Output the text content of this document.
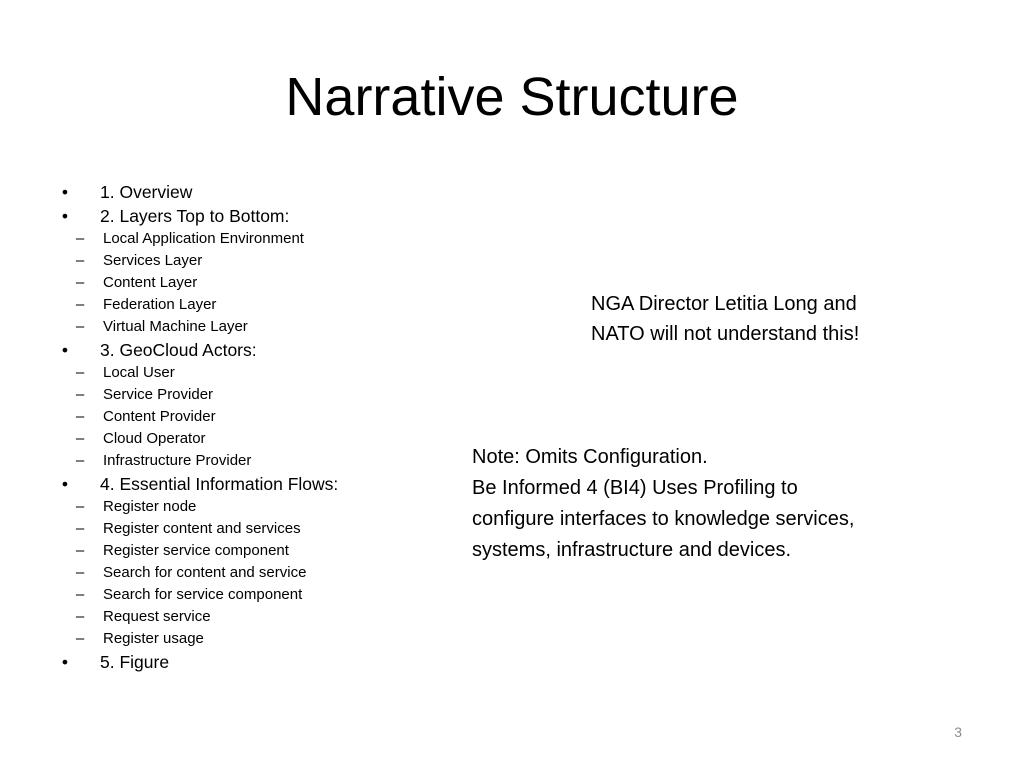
Narrative Structure
• 1. Overview
• 2. Layers Top to Bottom:
– Local Application Environment
– Services Layer
– Content Layer
– Federation Layer
– Virtual Machine Layer
• 3. GeoCloud Actors:
– Local User
– Service Provider
– Content Provider
– Cloud Operator
– Infrastructure Provider
• 4. Essential Information Flows:
– Register node
– Register content and services
– Register service component
– Search for content and service
– Search for service component
– Request service
– Register usage
• 5. Figure
NGA Director Letitia Long and
NATO will not understand this!
Note: Omits Configuration.
Be Informed 4 (BI4) Uses Profiling to
configure interfaces to knowledge services,
systems, infrastructure and devices.
3
